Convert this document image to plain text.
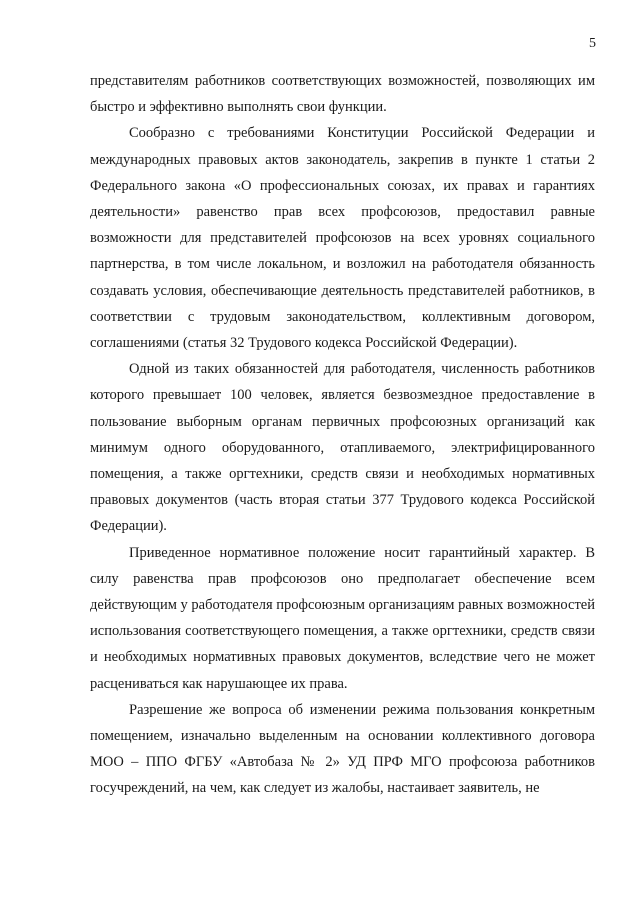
5

представителям работников соответствующих возможностей, позволяющих им быстро и эффективно выполнять свои функции.

Сообразно с требованиями Конституции Российской Федерации и международных правовых актов законодатель, закрепив в пункте 1 статьи 2 Федерального закона «О профессиональных союзах, их правах и гарантиях деятельности» равенство прав всех профсоюзов, предоставил равные возможности для представителей профсоюзов на всех уровнях социального партнерства, в том числе локальном, и возложил на работодателя обязанность создавать условия, обеспечивающие деятельность представителей работников, в соответствии с трудовым законодательством, коллективным договором, соглашениями (статья 32 Трудового кодекса Российской Федерации).

Одной из таких обязанностей для работодателя, численность работников которого превышает 100 человек, является безвозмездное предоставление в пользование выборным органам первичных профсоюзных организаций как минимум одного оборудованного, отапливаемого, электрифицированного помещения, а также оргтехники, средств связи и необходимых нормативных правовых документов (часть вторая статьи 377 Трудового кодекса Российской Федерации).

Приведенное нормативное положение носит гарантийный характер. В силу равенства прав профсоюзов оно предполагает обеспечение всем действующим у работодателя профсоюзным организациям равных возможностей использования соответствующего помещения, а также оргтехники, средств связи и необходимых нормативных правовых документов, вследствие чего не может расцениваться как нарушающее их права.

Разрешение же вопроса об изменении режима пользования конкретным помещением, изначально выделенным на основании коллективного договора МОО – ППО ФГБУ «Автобаза № 2» УД ПРФ МГО профсоюза работников госучреждений, на чем, как следует из жалобы, настаивает заявитель, не
